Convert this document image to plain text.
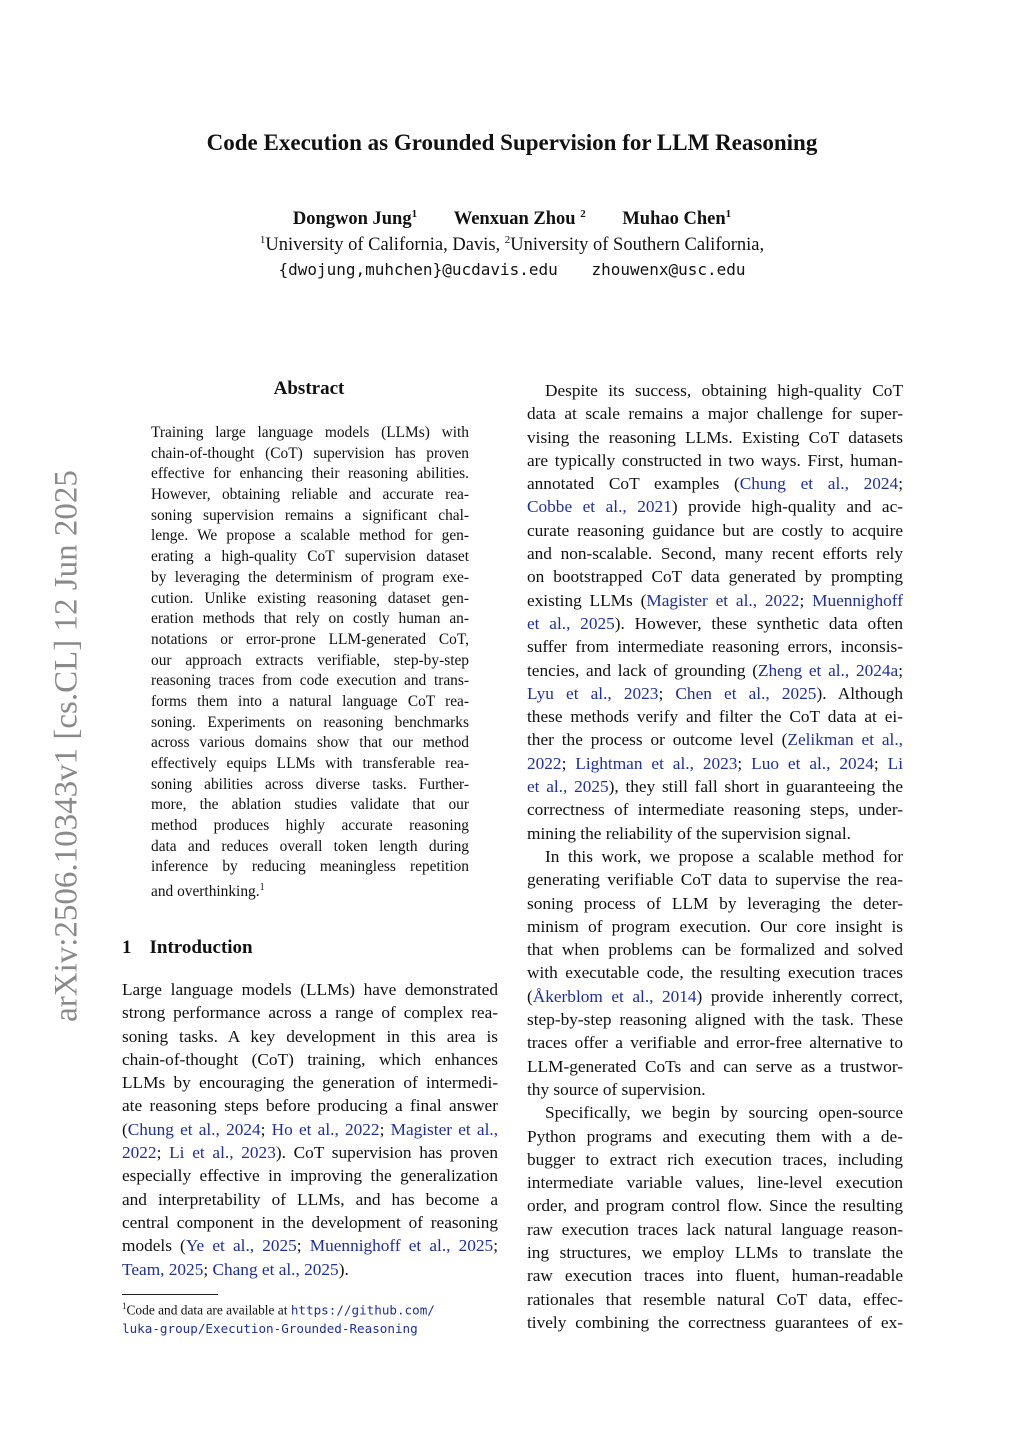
Code Execution as Grounded Supervision for LLM Reasoning
Dongwon Jung$^1$ Wenxuan Zhou $^2$ Muhao Chen$^1$
$^1$University of California, Davis, $^2$University of Southern California,
{dwojung,muhchen}@ucdavis.edu zhouwenx@usc.edu
arXiv:2506.10343v1 [cs.CL] 12 Jun 2025
Abstract
Training large language models (LLMs) with
chain-of-thought (CoT) supervision has proven
effective for enhancing their reasoning abilities.
However, obtaining reliable and accurate rea-
soning supervision remains a significant chal-
lenge. We propose a scalable method for gen-
erating a high-quality CoT supervision dataset
by leveraging the determinism of program exe-
cution. Unlike existing reasoning dataset gen-
eration methods that rely on costly human an-
notations or error-prone LLM-generated CoT,
our approach extracts verifiable, step-by-step
reasoning traces from code execution and trans-
forms them into a natural language CoT rea-
soning. Experiments on reasoning benchmarks
across various domains show that our method
effectively equips LLMs with transferable rea-
soning abilities across diverse tasks. Further-
more, the ablation studies validate that our
method produces highly accurate reasoning
data and reduces overall token length during
inference by reducing meaningless repetition
and overthinking.$^1$
1 Introduction
Large language models (LLMs) have demonstrated
strong performance across a range of complex rea-
soning tasks. A key development in this area is
chain-of-thought (CoT) training, which enhances
LLMs by encouraging the generation of intermedi-
ate reasoning steps before producing a final answer
(Chung et al., 2024; Ho et al., 2022; Magister et al.,
2022; Li et al., 2023). CoT supervision has proven
especially effective in improving the generalization
and interpretability of LLMs, and has become a
central component in the development of reasoning
models (Ye et al., 2025; Muennighoff et al., 2025;
Team, 2025; Chang et al., 2025).
Despite its success, obtaining high-quality CoT
data at scale remains a major challenge for super-
vising the reasoning LLMs. Existing CoT datasets
are typically constructed in two ways. First, human-
annotated CoT examples (Chung et al., 2024;
Cobbe et al., 2021) provide high-quality and ac-
curate reasoning guidance but are costly to acquire
and non-scalable. Second, many recent efforts rely
on bootstrapped CoT data generated by prompting
existing LLMs (Magister et al., 2022; Muennighoff
et al., 2025). However, these synthetic data often
suffer from intermediate reasoning errors, inconsis-
tencies, and lack of grounding (Zheng et al., 2024a;
Lyu et al., 2023; Chen et al., 2025). Although
these methods verify and filter the CoT data at ei-
ther the process or outcome level (Zelikman et al.,
2022; Lightman et al., 2023; Luo et al., 2024; Li
et al., 2025), they still fall short in guaranteeing the
correctness of intermediate reasoning steps, under-
mining the reliability of the supervision signal.
In this work, we propose a scalable method for
generating verifiable CoT data to supervise the rea-
soning process of LLM by leveraging the deter-
minism of program execution. Our core insight is
that when problems can be formalized and solved
with executable code, the resulting execution traces
(Åkerblom et al., 2014) provide inherently correct,
step-by-step reasoning aligned with the task. These
traces offer a verifiable and error-free alternative to
LLM-generated CoTs and can serve as a trustwor-
thy source of supervision.
Specifically, we begin by sourcing open-source
Python programs and executing them with a de-
bugger to extract rich execution traces, including
intermediate variable values, line-level execution
order, and program control flow. Since the resulting
raw execution traces lack natural language reason-
ing structures, we employ LLMs to translate the
raw execution traces into fluent, human-readable
rationales that resemble natural CoT data, effec-
tively combining the correctness guarantees of ex-
$^1$Code and data are available at https://github.com/
luka-group/Execution-Grounded-Reasoning
